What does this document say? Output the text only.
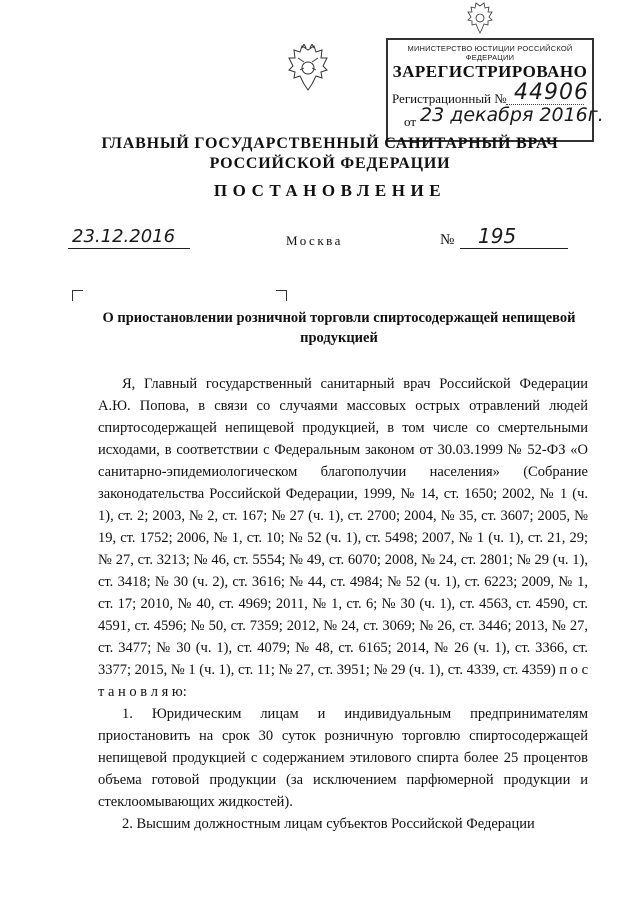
МИНИСТЕРСТВО ЮСТИЦИИ РОССИЙСКОЙ ФЕДЕРАЦИИ
ЗАРЕГИСТРИРОВАНО
Регистрационный № 44906
от 23 декабря 2016г.
ГЛАВНЫЙ ГОСУДАРСТВЕННЫЙ САНИТАРНЫЙ ВРАЧ
РОССИЙСКОЙ ФЕДЕРАЦИИ
ПОСТАНОВЛЕНИЕ
23.12.2016	Москва	№ 195
О приостановлении розничной торговли спиртосодержащей непищевой продукцией

Я, Главный государственный санитарный врач Российской Федерации А.Ю. Попова, в связи со случаями массовых острых отравлений людей спиртосодержащей непищевой продукцией, в том числе со смертельными исходами, в соответствии с Федеральным законом от 30.03.1999 № 52-ФЗ «О санитарно-эпидемиологическом благополучии населения» (Собрание законодательства Российской Федерации, 1999, № 14, ст. 1650; 2002, № 1 (ч. 1), ст. 2; 2003, № 2, ст. 167; № 27 (ч. 1), ст. 2700; 2004, № 35, ст. 3607; 2005, № 19, ст. 1752; 2006, № 1, ст. 10; № 52 (ч. 1), ст. 5498; 2007, № 1 (ч. 1), ст. 21, 29; № 27, ст. 3213; № 46, ст. 5554; № 49, ст. 6070; 2008, № 24, ст. 2801; № 29 (ч. 1), ст. 3418; № 30 (ч. 2), ст. 3616; № 44, ст. 4984; № 52 (ч. 1), ст. 6223; 2009, № 1, ст. 17; 2010, № 40, ст. 4969; 2011, № 1, ст. 6; № 30 (ч. 1), ст. 4563, ст. 4590, ст. 4591, ст. 4596; № 50, ст. 7359; 2012, № 24, ст. 3069; № 26, ст. 3446; 2013, № 27, ст. 3477; № 30 (ч. 1), ст. 4079; № 48, ст. 6165; 2014, № 26 (ч. 1), ст. 3366, ст. 3377; 2015, № 1 (ч. 1), ст. 11; № 27, ст. 3951; № 29 (ч. 1), ст. 4339, ст. 4359) п о с т а н о в л я ю:

1. Юридическим лицам и индивидуальным предпринимателям приостановить на срок 30 суток розничную торговлю спиртосодержащей непищевой продукцией с содержанием этилового спирта более 25 процентов объема готовой продукции (за исключением парфюмерной продукции и стеклоомывающих жидкостей).

2. Высшим должностным лицам субъектов Российской Федерации
